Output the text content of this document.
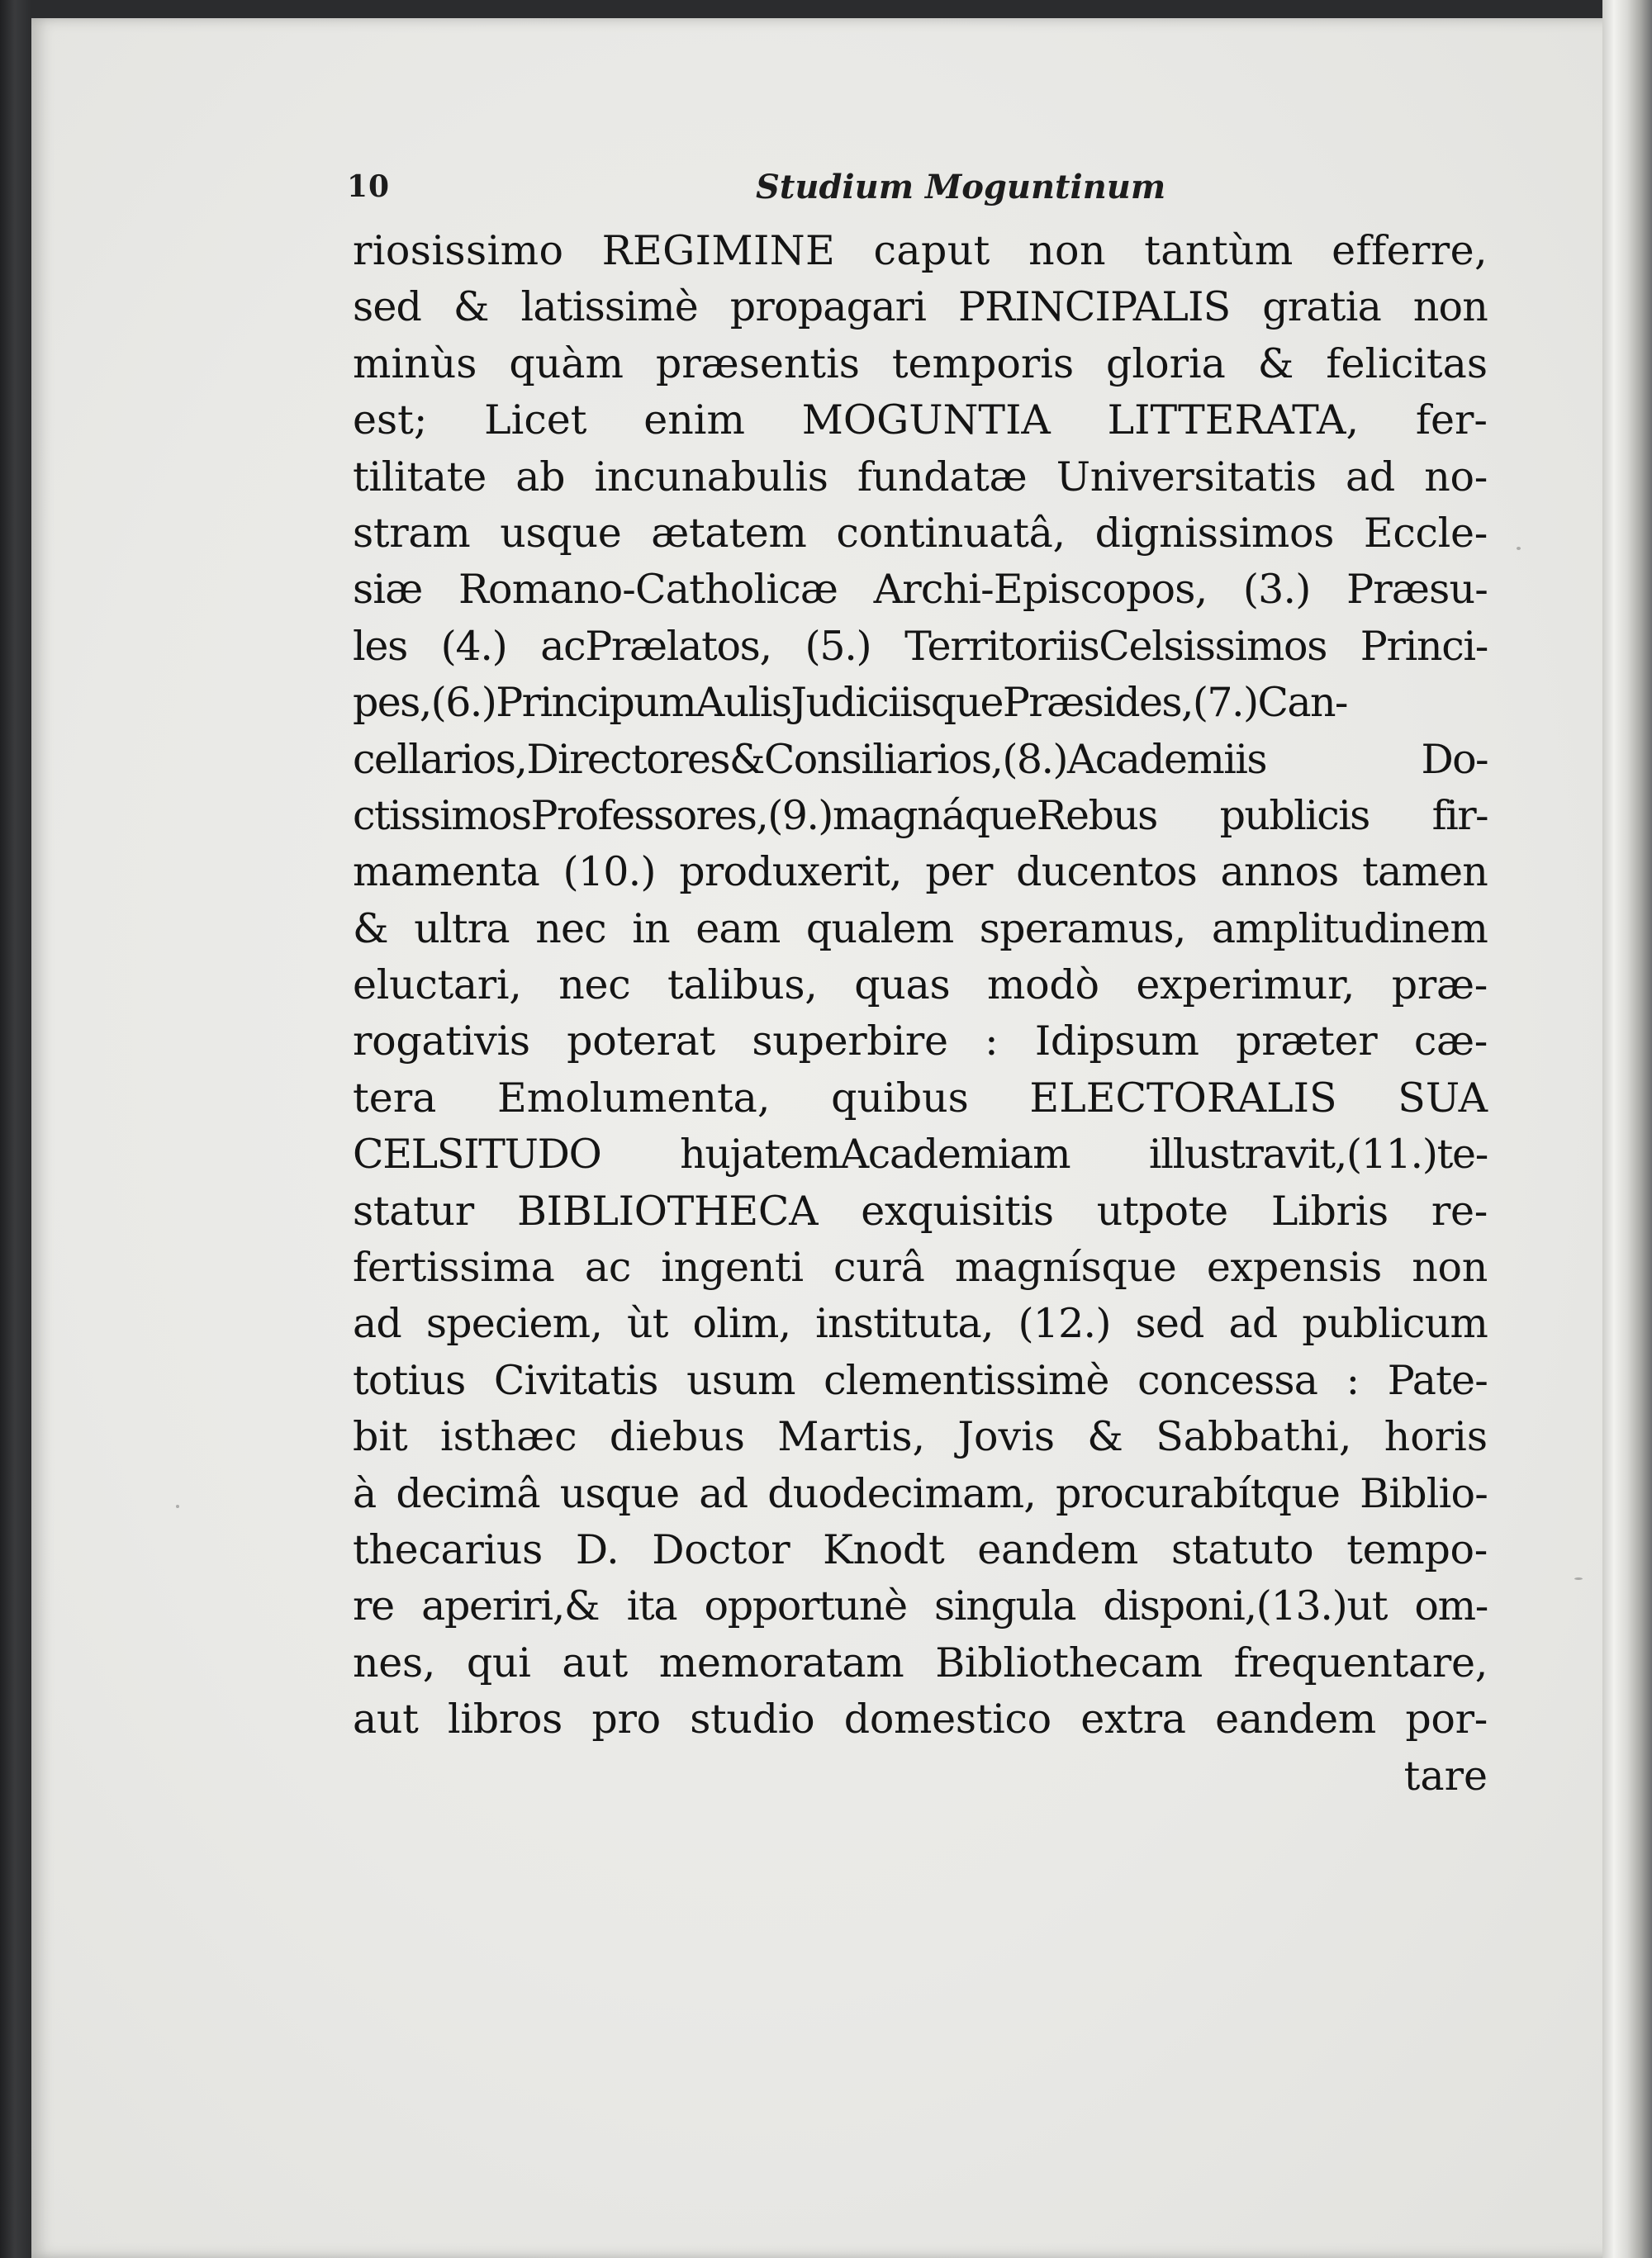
10	Studium Moguntinum
riosissimo REGIMINE caput non tantùm efferre,
sed & latissimè propagari PRINCIPALIS gratia non
minùs quàm præsentis temporis gloria & felicitas
est; Licet enim MOGUNTIA LITTERATA, fer-
tilitate ab incunabulis fundatæ Universitatis ad no-
stram usque ætatem continuatâ, dignissimos Eccle-
siæ Romano-Catholicæ Archi-Episcopos, (3.) Præsu-
les (4.) acPrælatos, (5.) TerritoriisCelsissimos Princi-
pes,(6.)PrincipumAulisJudiciisquePræsides,(7.)Can-
cellarios,Directores&Consiliarios,(8.)Academiis Do-
ctissimosProfessores,(9.)magnáqueRebus publicis fir-
mamenta (10.) produxerit, per ducentos annos tamen
& ultra nec in eam qualem speramus, amplitudinem
eluctari, nec talibus, quas modò experimur, præ-
rogativis poterat superbire : Idipsum præter cæ-
tera Emolumenta, quibus ELECTORALIS SUA
CELSITUDO hujatemAcademiam illustravit,(11.)te-
statur BIBLIOTHECA exquisitis utpote Libris re-
fertissima ac ingenti curâ magnísque expensis non
ad speciem, ùt olim, instituta, (12.) sed ad publicum
totius Civitatis usum clementissimè concessa : Pate-
bit isthæc diebus Martis, Jovis & Sabbathi, horis
à decimâ usque ad duodecimam, procurabítque Biblio-
thecarius D. Doctor Knodt eandem statuto tempo-
re aperiri,& ita opportunè singula disponi,(13.)ut om-
nes, qui aut memoratam Bibliothecam frequentare,
aut libros pro studio domestico extra eandem por-
tare
